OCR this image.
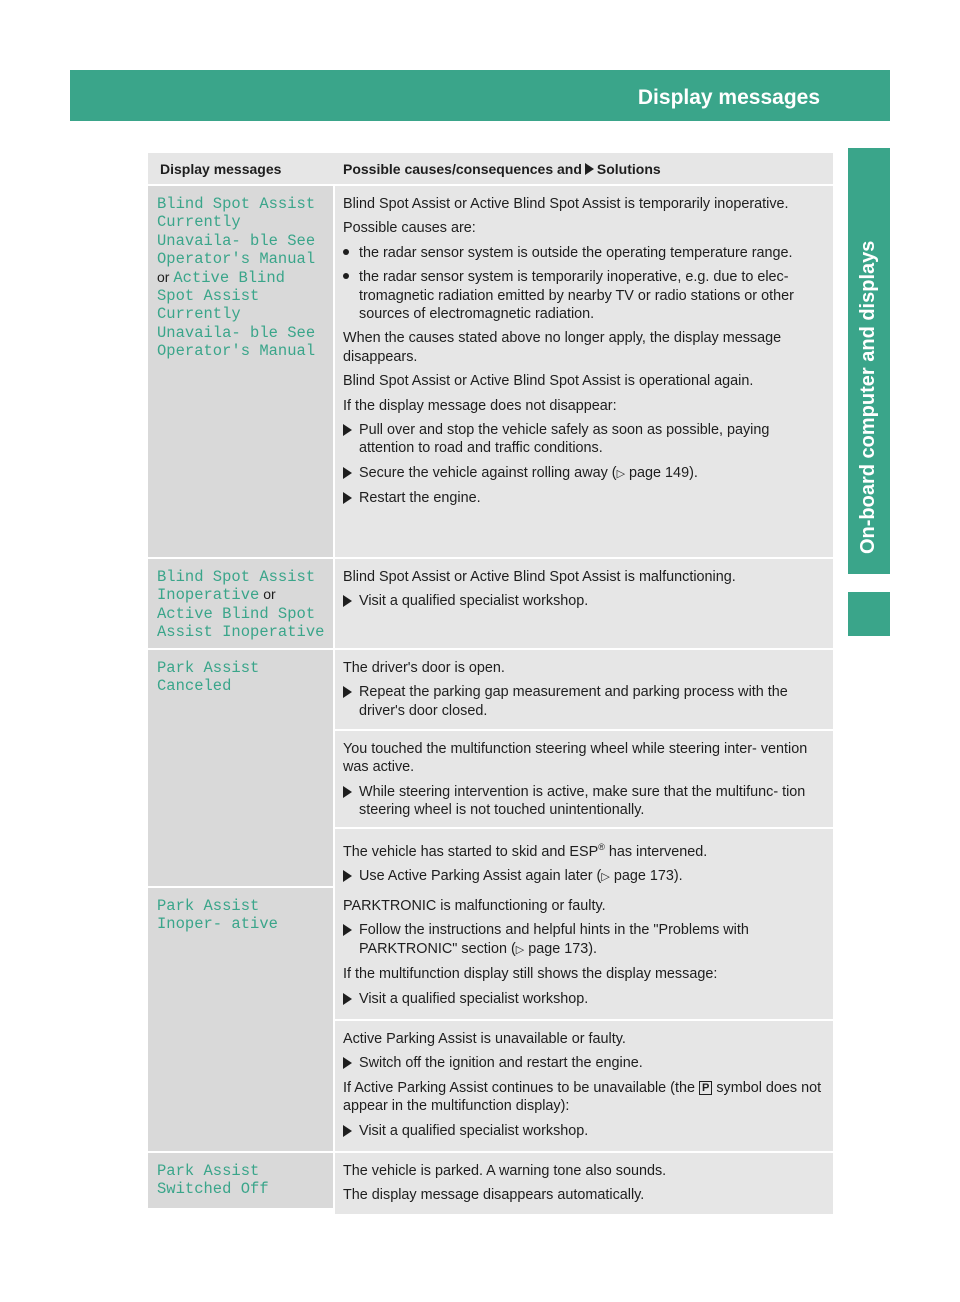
Display messages	241
On-board computer and displays
Display messages	Possible causes/consequences and Solutions
Blind Spot Assist Currently Unavaila- ble See Operator's Manual or Active Blind Spot Assist Currently Unavaila- ble See Operator's Manual
Blind Spot Assist or Active Blind Spot Assist is temporarily inoperative.
Possible causes are:
the radar sensor system is outside the operating temperature range.
the radar sensor system is temporarily inoperative, e.g. due to elec- tromagnetic radiation emitted by nearby TV or radio stations or other sources of electromagnetic radiation.
When the causes stated above no longer apply, the display message disappears.
Blind Spot Assist or Active Blind Spot Assist is operational again.
If the display message does not disappear:
Pull over and stop the vehicle safely as soon as possible, paying attention to road and traffic conditions.
Secure the vehicle against rolling away (▷ page 149).
Restart the engine.
Blind Spot Assist Inoperative or Active Blind Spot Assist Inoperative
Blind Spot Assist or Active Blind Spot Assist is malfunctioning.
Visit a qualified specialist workshop.
Park Assist Canceled
The driver's door is open.
Repeat the parking gap measurement and parking process with the driver's door closed.
You touched the multifunction steering wheel while steering inter- vention was active.
While steering intervention is active, make sure that the multifunc- tion steering wheel is not touched unintentionally.
The vehicle has started to skid and ESP® has intervened.
Use Active Parking Assist again later (▷ page 173).
Park Assist Inoper- ative
PARKTRONIC is malfunctioning or faulty.
Follow the instructions and helpful hints in the "Problems with PARKTRONIC" section (▷ page 173).
If the multifunction display still shows the display message:
Visit a qualified specialist workshop.
Active Parking Assist is unavailable or faulty.
Switch off the ignition and restart the engine.
If Active Parking Assist continues to be unavailable (the P symbol does not appear in the multifunction display):
Visit a qualified specialist workshop.
Park Assist Switched Off
The vehicle is parked. A warning tone also sounds.
The display message disappears automatically.
